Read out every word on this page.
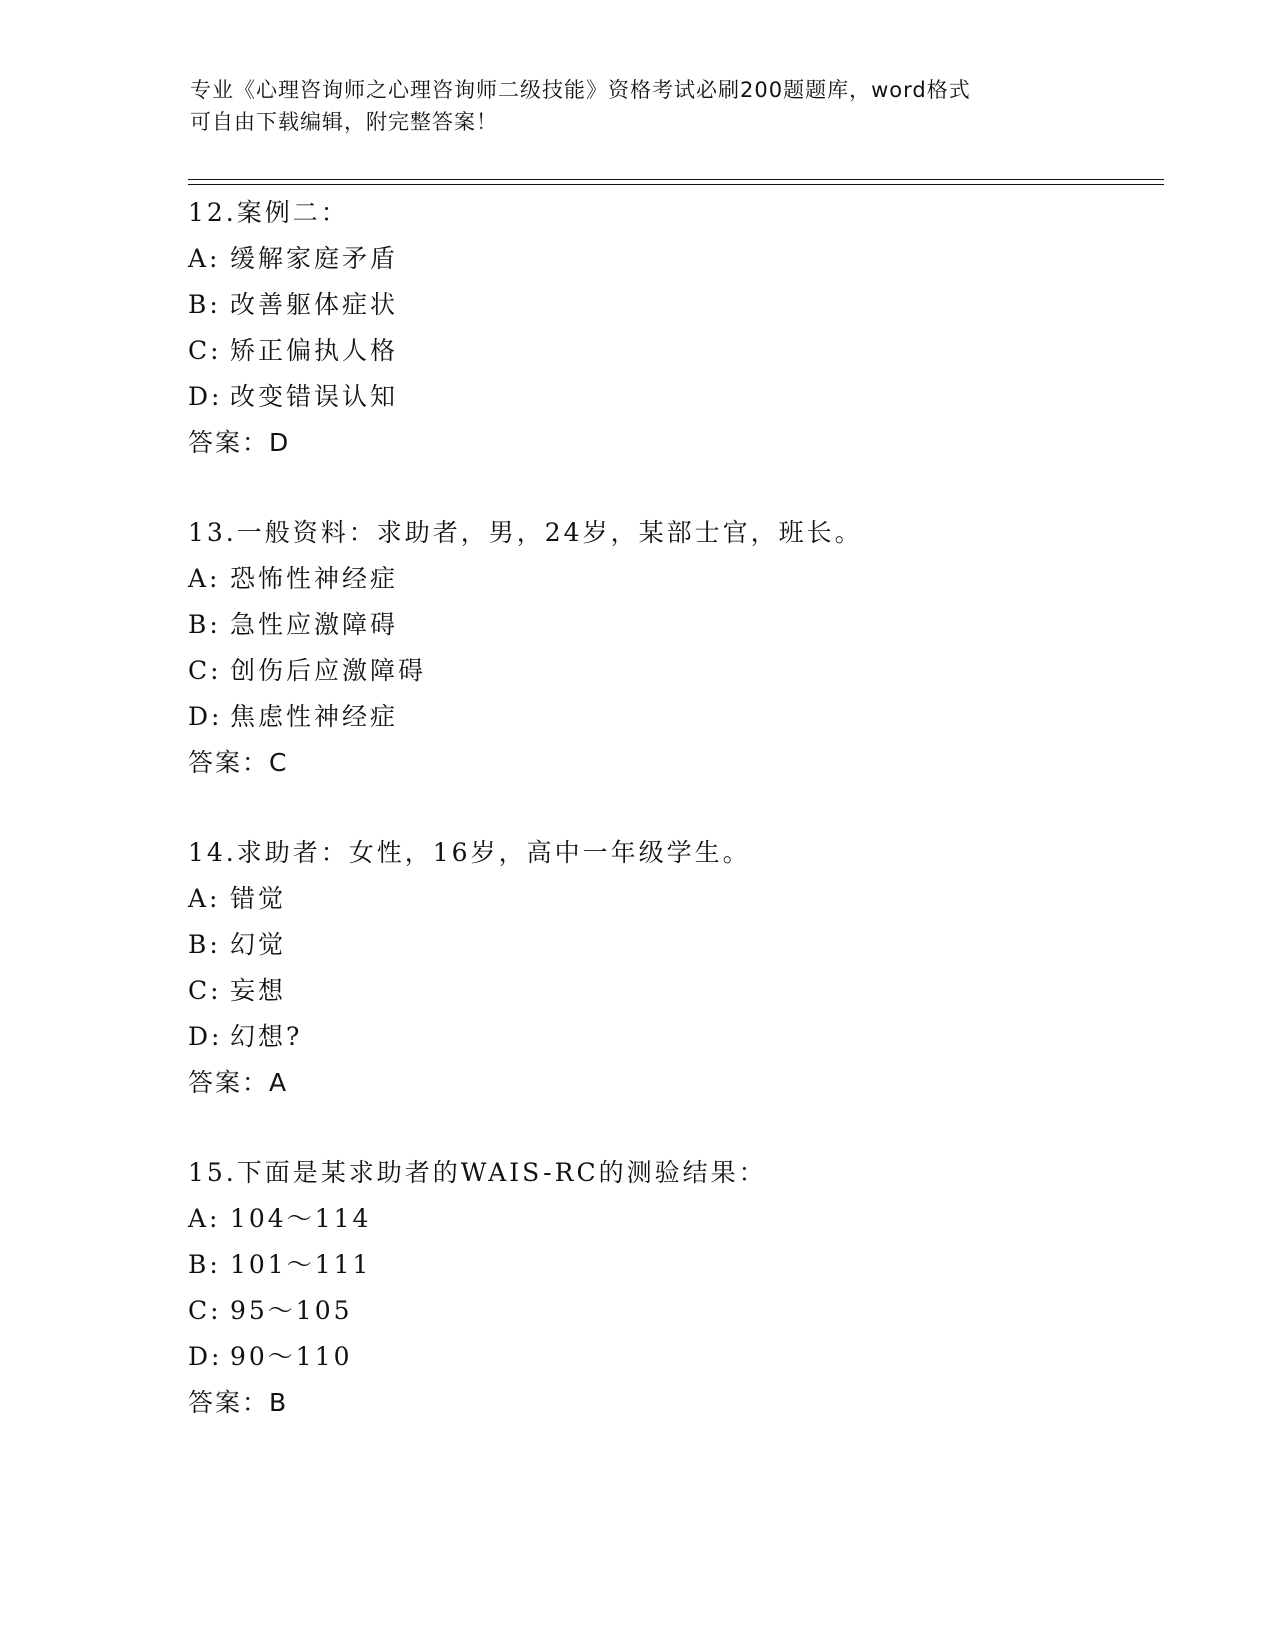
专业《心理咨询师之心理咨询师二级技能》资格考试必刷200题题库，word格式
可自由下载编辑，附完整答案！
12.案例二：
A: 缓解家庭矛盾
B: 改善躯体症状
C: 矫正偏执人格
D: 改变错误认知
答案：D
13.一般资料：求助者，男，24岁，某部士官，班长。
A: 恐怖性神经症
B: 急性应激障碍
C: 创伤后应激障碍
D: 焦虑性神经症
答案：C
14.求助者：女性，16岁，高中一年级学生。
A: 错觉
B: 幻觉
C: 妄想
D: 幻想?
答案：A
15.下面是某求助者的WAIS-RC的测验结果：
A: 104～114
B: 101～111
C: 95～105
D: 90～110
答案：B
